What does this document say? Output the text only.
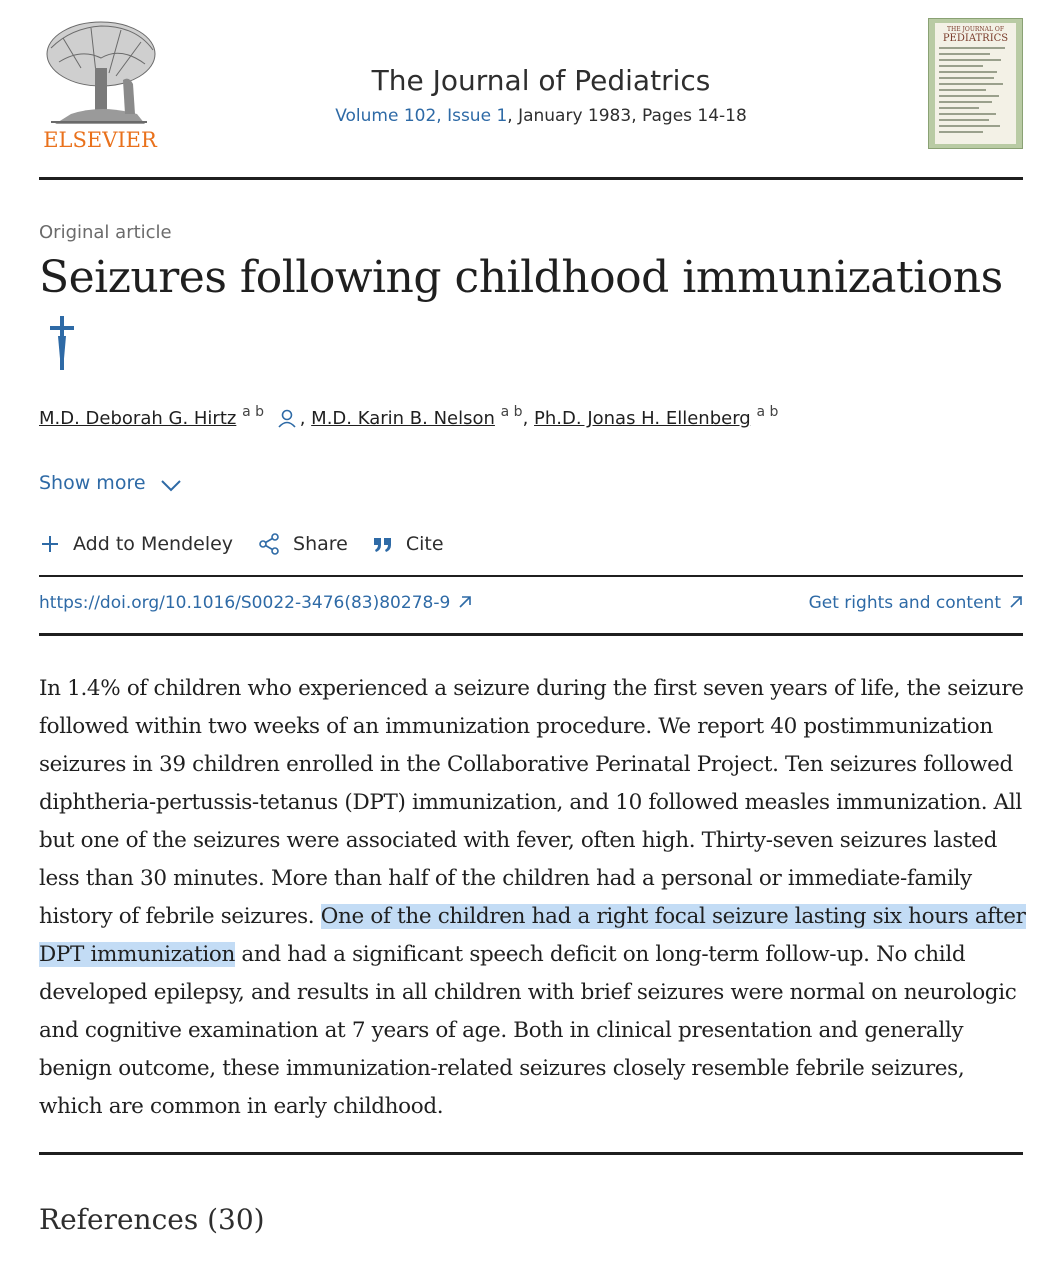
ELSEVIER
The Journal of Pediatrics
Volume 102, Issue 1, January 1983, Pages 14-18
THE JOURNAL OF
PEDIATRICS
Original article
Seizures following childhood immunizations
M.D. Deborah G. Hirtz $^{a b}$ , M.D. Karin B. Nelson $^{a b}$, Ph.D. Jonas H. Ellenberg $^{a b}$
Show more
Add to Mendeley	Share	Cite
https://doi.org/10.1016/S0022-3476(83)80278-9	Get rights and content

In 1.4% of children who experienced a seizure during the first seven years of life, the seizure followed within two weeks of an immunization procedure. We report 40 postimmunization seizures in 39 children enrolled in the Collaborative Perinatal Project. Ten seizures followed diphtheria-pertussis-tetanus (DPT) immunization, and 10 followed measles immunization. All but one of the seizures were associated with fever, often high. Thirty-seven seizures lasted less than 30 minutes. More than half of the children had a personal or immediate-family history of febrile seizures. One of the children had a right focal seizure lasting six hours after DPT immunization and had a significant speech deficit on long-term follow-up. No child developed epilepsy, and results in all children with brief seizures were normal on neurologic and cognitive examination at 7 years of age. Both in clinical presentation and generally benign outcome, these immunization-related seizures closely resemble febrile seizures, which are common in early childhood.

References (30)
